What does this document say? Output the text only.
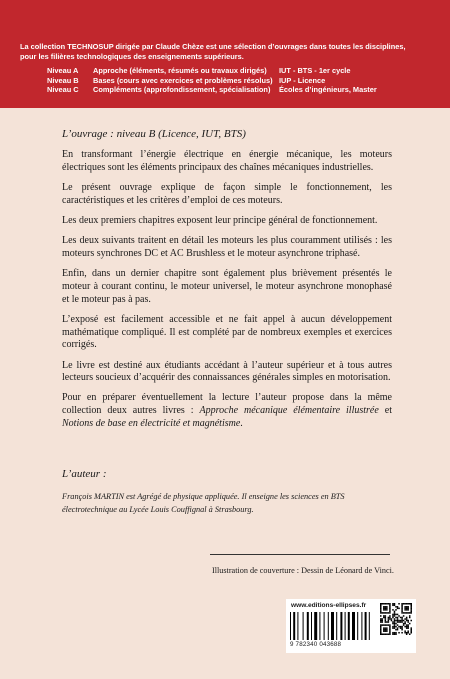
La collection TECHNOSUP dirigée par Claude Chèze est une sélection d’ouvrages dans toutes les disciplines,
pour les filières technologiques des enseignements supérieurs.
Niveau A Approche (éléments, résumés ou travaux dirigés) IUT - BTS - 1er cycle
Niveau B Bases (cours avec exercices et problèmes résolus) IUP - Licence
Niveau C Compléments (approfondissement, spécialisation) Écoles d’ingénieurs, Master
L’ouvrage : niveau B (Licence, IUT, BTS)

En transformant l’énergie électrique en énergie mécanique, les moteurs électriques sont les éléments principaux des chaînes mécaniques industrielles.

Le présent ouvrage explique de façon simple le fonctionnement, les caractéristiques et les critères d’emploi de ces moteurs.

Les deux premiers chapitres exposent leur principe général de fonctionnement.

Les deux suivants traitent en détail les moteurs les plus couramment utilisés : les moteurs synchrones DC et AC Brushless et le moteur asynchrone triphasé.

Enfin, dans un dernier chapitre sont également plus brièvement présentés le moteur à courant continu, le moteur universel, le moteur asynchrone monophasé et le moteur pas à pas.

L’exposé est facilement accessible et ne fait appel à aucun développement mathématique compliqué. Il est complété par de nombreux exemples et exercices corrigés.

Le livre est destiné aux étudiants accédant à l’auteur supérieur et à tous autres lecteurs soucieux d’acquérir des connaissances générales simples en motorisation.

Pour en préparer éventuellement la lecture l’auteur propose dans la même collection deux autres livres : Approche mécanique élémentaire illustrée et Notions de base en électricité et magnétisme.

L’auteur :
François MARTIN est Agrégé de physique appliquée. Il enseigne les sciences en BTS électrotechnique au Lycée Louis Couffignal à Strasbourg.
Illustration de couverture : Dessin de Léonard de Vinci.
www.editions-ellipses.fr
9 782340 043688
